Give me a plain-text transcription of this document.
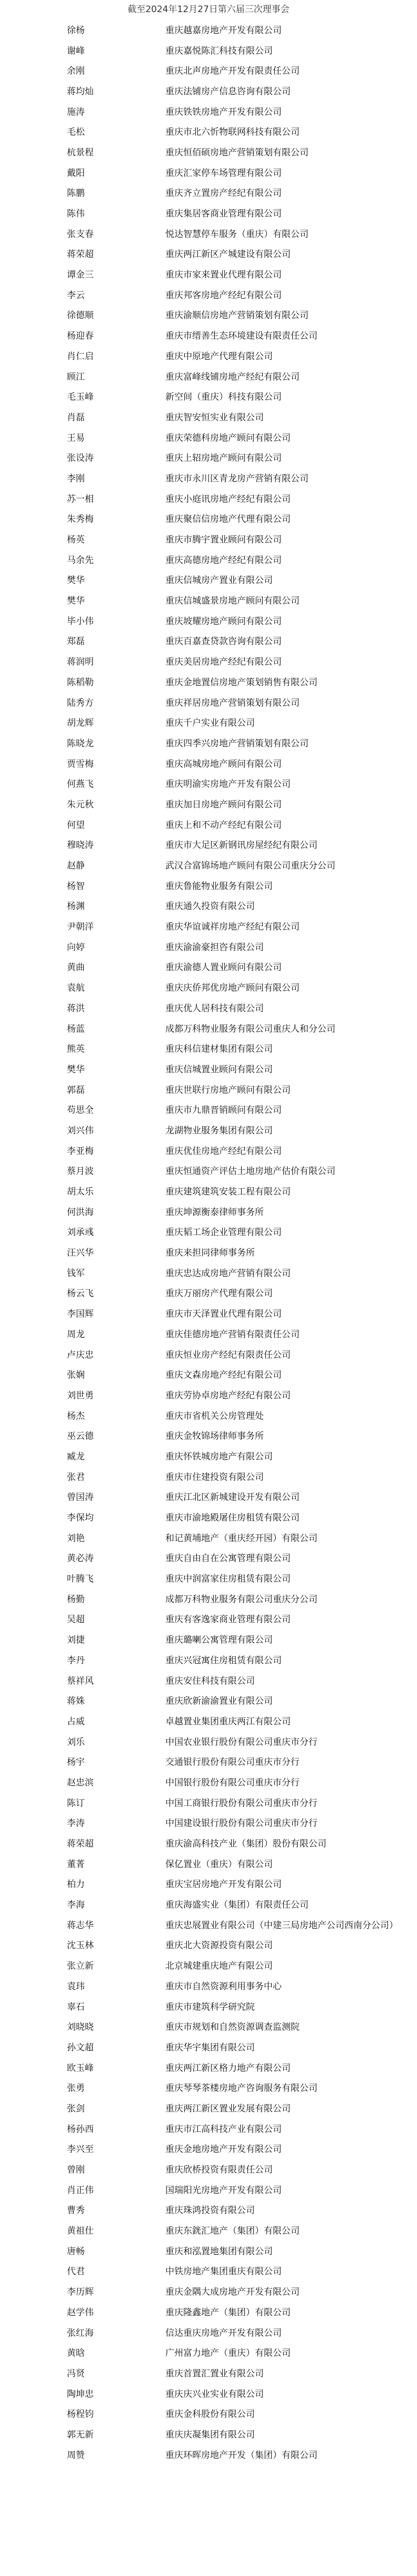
截至2024年12月27日第六届三次理事会
徐杨	重庆越嘉房地产开发有限公司
谢峰	重庆嘉悦陈汇科技有限公司
余刚	重庆北声房地产开发有限责任公司
蒋均灿	重庆法铺房产信息咨询有限公司
施涛	重庆铁铁房地产开发有限公司
毛松	重庆市北六忻物联网科技有限公司
杭景程	重庆恒佰硕房地产营销策划有限公司
戴阳	重庆汇家停车场管理有限公司
陈鹏	重庆齐立置房产经纪有限公司
陈伟	重庆集居客商业管理有限公司
张支春	悦达智慧停车服务（重庆）有限公司
蒋荣超	重庆两江新区产城建设有限公司
谭金三	重庆市家来置业代理有限公司
李云	重庆邦客房地产经纪有限公司
徐德顺	重庆渝顺信房地产营销策划有限公司
杨迎春	重庆市缙善生态环境建设有限责任公司
肖仁启	重庆中原地产代理有限公司
顾江	重庆富峰线铺房地产经纪有限公司
毛玉峰	新空间（重庆）科技有限公司
肖磊	重庆智安恒实业有限公司
王易	重庆荣德科房地产顾问有限公司
张设涛	重庆上轺房地产顾问有限公司
李刚	重庆市永川区青龙房产营销有限公司
苏一相	重庆小庭讯房地产经纪有限公司
朱秀梅	重庆聚信信房地产代理有限公司
杨英	重庆市腾宇置业顾问有限公司
马余先	重庆高德房地产经纪有限公司
樊华	重庆信城房产置业有限公司
樊华	重庆信城盛景房地产顾问有限公司
毕小伟	重庆坡耀房地产顾问有限公司
郑磊	重庆百嘉查贷款咨询有限公司
蒋润明	重庆美居房地产经纪有限公司
陈稻勒	重庆金地置信房地产策划销售有限公司
陆秀方	重庆祥居房地产营销策划有限公司
胡龙辉	重庆千户实业有限公司
陈晓龙	重庆四季兴房地产营销策划有限公司
贾雪梅	重庆高城房地产顾问有限公司
何燕飞	重庆明渝实房地产开发有限公司
朱元秋	重庆加日房地产顾问有限公司
何望	重庆上和不动产经纪有限公司
穆晓涛	重庆市大足区新钢讯房屋经纪有限公司
赵静	武汉合富锦场地产顾问有限公司重庆分公司
杨智	重庆鲁能物业服务有限公司
杨渊	重庆通久投资有限公司
尹朝洋	重庆华谊诚祥房地产经纪有限公司
向婷	重庆渝渝豪担咨有限公司
黄曲	重庆渝德人置业顾问有限公司
袁航	重庆庆侨邦优房地产顾问有限公司
蒋洪	重庆优人居科技有限公司
杨蓝	成都万科物业服务有限公司重庆人和分公司
熊英	重庆科信建材集团有限公司
樊华	重庆信城置业顾问有限公司
郭磊	重庆世联行房地产顾问有限公司
苟思全	重庆市九鼎晋销顾问有限公司
刘兴伟	龙湖物业服务集团有限公司
李亚梅	重庆优佳房地产经纪有限公司
蔡月波	重庆恒通资产评估土地房地产估价有限公司
胡太乐	重庆建筑建筑安装工程有限公司
何洪海	重庆坤源衡泰律师事务所
刘承彧	重庆韬工场企业管理有限公司
汪兴华	重庆来担同律师事务所
钱军	重庆忠达成房地产营销有限公司
杨云飞	重庆万丽房产代理有限公司
李国辉	重庆市天泽置业代理有限公司
周龙	重庆佳德房地产营销有限责任公司
卢庆忠	重庆恒业房产经纪有限责任公司
张娴	重庆文森房地产经纪有限公司
刘世勇	重庆劳协卓房地产经纪有限公司
杨杰	重庆市省机关公房管理处
巫云德	重庆金牧锦场律师事务所
臧龙	重庆怀铁城房地产有限公司
张君	重庆市住建投资有限公司
曾国涛	重庆江北区新城建设开发有限公司
李保均	重庆市渝地殿屠住房租赁有限公司
刘艳	和记黄埔地产（重庆经开园）有限公司
黄必涛	重庆自由自在公寓管理有限公司
叶腾飞	重庆中润富家住房租赁有限公司
杨勤	成都万科物业服务有限公司重庆分公司
吴超	重庆有客逸家商业管理有限公司
刘捷	重庆璐喇公寓管理有限公司
李丹	重庆兴冠寓住房租赁有限公司
蔡祥风	重庆安住科技有限公司
蒋姝	重庆欣新渝渝置业有限公司
占威	卓越置业集团重庆两江有限公司
刘乐	中国农业银行股份有限公司重庆市分行
杨宇	交通银行股份有限公司重庆市分行
赵忠滨	中国银行股份有限公司重庆市分行
陈订	中国工商银行股份有限公司重庆市分行
李涛	中国建设银行股份有限公司重庆市分行
蒋荣超	重庆渝高科技产业（集团）股份有限公司
董菁	保亿置业（重庆）有限公司
柏力	重庆宝居房地产开发有限公司
李海	重庆海盛实业（集团）有限责任公司
蒋志华	重庆忠展置业有限公司（中建三局房地产公司西南分公司）
沈玉林	重庆北大资源投资有限公司
张立新	北京城建重庆地产有限公司
袁玮	重庆市自然资源利用事务中心
辜石	重庆市建筑科学研究院
刘晓晓	重庆市规划和自然资源调查监测院
孙文超	重庆华宇集团有限公司
欧玉峰	重庆两江新区格力地产有限公司
张勇	重庆琴琴茶楼房地产咨询服务有限公司
张剑	重庆两江新区置业发展有限公司
杨孙西	重庆市江高科技产业有限公司
李兴至	重庆金地房地产开发有限公司
曾刚	重庆欣桥投资有限责任公司
肖正伟	国瑞阳光房地产开发有限公司
曹秀	重庆珠鸿投资有限公司
黄祖仕	重庆东銧汇地产（集团）有限公司
唐畅	重庆和泓置地集团有限公司
代君	中铁房地产集团重庆有限公司
李历辉	重庆金隅大成房地产开发有限公司
赵学伟	重庆隆鑫地产（集团）有限公司
张红海	信达重庆房地产开发有限公司
黄晗	广州富力地产（重庆）有限公司
冯贤	重庆首置汇置业有限公司
陶坤忠	重庆庆兴业实业有限公司
杨程钧	重庆金科股份有限公司
郭无新	重庆庆凝集团有限公司
周赞	重庆环晖房地产开发（集团）有限公司
